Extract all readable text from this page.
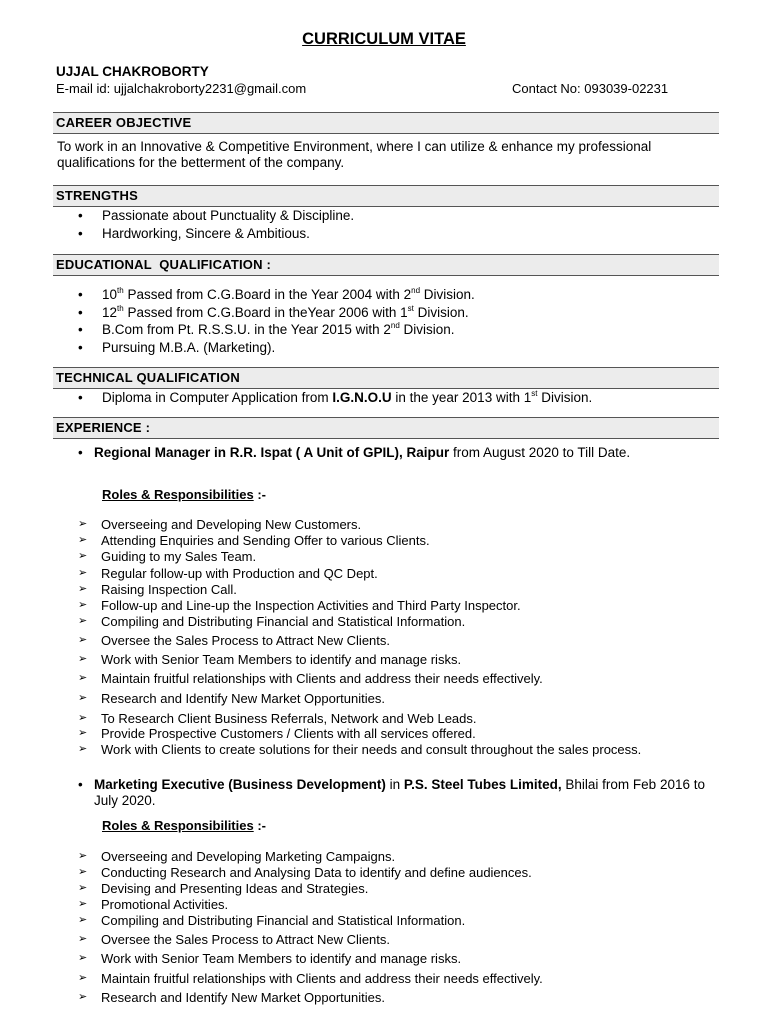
CURRICULUM VITAE
UJJAL CHAKROBORTY
E-mail id: ujjalchakroborty2231@gmail.com	Contact No: 093039-02231
CAREER OBJECTIVE
To work in an Innovative & Competitive Environment, where I can utilize & enhance my professional qualifications for the betterment of the company.
STRENGTHS
• Passionate about Punctuality & Discipline.
• Hardworking, Sincere & Ambitious.
EDUCATIONAL  QUALIFICATION :
• 10th Passed from C.G.Board in the Year 2004 with 2nd Division.
• 12th Passed from C.G.Board in theYear 2006 with 1st Division.
• B.Com from Pt. R.S.S.U. in the Year 2015 with 2nd Division.
• Pursuing M.B.A. (Marketing).
TECHNICAL QUALIFICATION
• Diploma in Computer Application from I.G.N.O.U in the year 2013 with 1st Division.
EXPERIENCE :
• Regional Manager in R.R. Ispat ( A Unit of GPIL), Raipur from August 2020 to Till Date.
Roles & Responsibilities :-
➢ Overseeing and Developing New Customers.
➢ Attending Enquiries and Sending Offer to various Clients.
➢ Guiding to my Sales Team.
➢ Regular follow-up with Production and QC Dept.
➢ Raising Inspection Call.
➢ Follow-up and Line-up the Inspection Activities and Third Party Inspector.
➢ Compiling and Distributing Financial and Statistical Information.
➢ Oversee the Sales Process to Attract New Clients.
➢ Work with Senior Team Members to identify and manage risks.
➢ Maintain fruitful relationships with Clients and address their needs effectively.
➢ Research and Identify New Market Opportunities.
➢ To Research Client Business Referrals, Network and Web Leads.
➢ Provide Prospective Customers / Clients with all services offered.
➢ Work with Clients to create solutions for their needs and consult throughout the sales process.
• Marketing Executive (Business Development) in P.S. Steel Tubes Limited, Bhilai from Feb 2016 to July 2020.
Roles & Responsibilities :-
➢ Overseeing and Developing Marketing Campaigns.
➢ Conducting Research and Analysing Data to identify and define audiences.
➢ Devising and Presenting Ideas and Strategies.
➢ Promotional Activities.
➢ Compiling and Distributing Financial and Statistical Information.
➢ Oversee the Sales Process to Attract New Clients.
➢ Work with Senior Team Members to identify and manage risks.
➢ Maintain fruitful relationships with Clients and address their needs effectively.
➢ Research and Identify New Market Opportunities.
